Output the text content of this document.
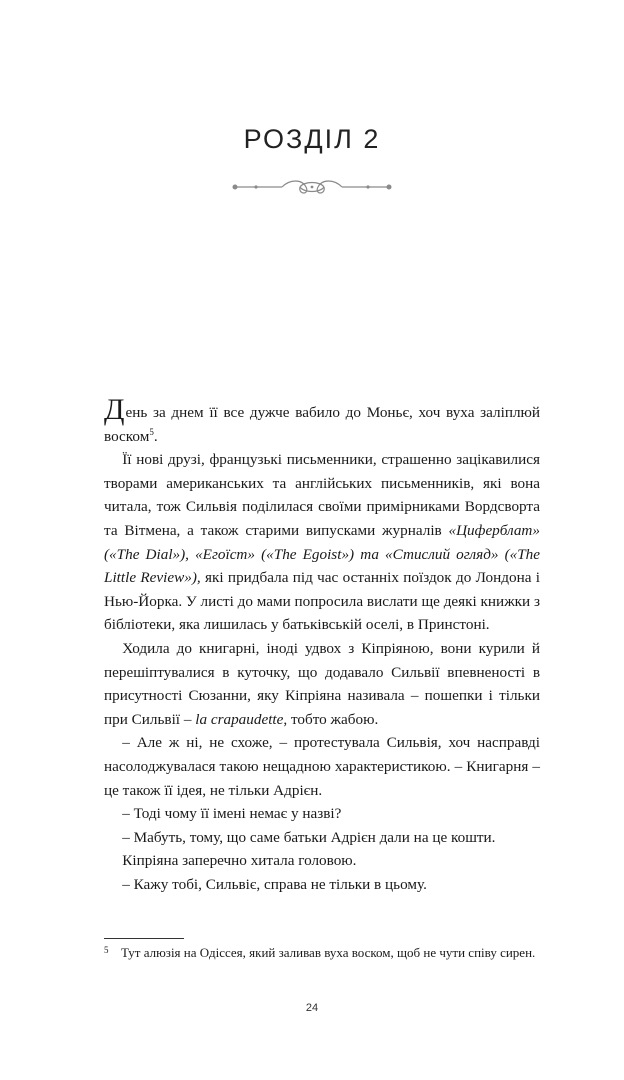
РОЗДІЛ 2

День за днем її все дужче вабило до Моньє, хоч вуха заліплюй воском$^5$.

Її нові друзі, французькі письменники, страшенно зацікавилися творами американських та англійських письменників, які вона читала, тож Сильвія поділилася своїми примірниками Вордсворта та Вітмена, а також старими випусками журналів «Циферблат» («The Dial»), «Егоїст» («The Egoist») та «Стислий огляд» («The Little Review»), які придбала під час останніх поїздок до Лондона і Нью-Йорка. У листі до мами попросила вислати ще деякі книжки з бібліотеки, яка лишилась у батьківській оселі, в Принстоні.

Ходила до книгарні, іноді удвох з Кіпріяною, вони курили й перешіптувалися в куточку, що додавало Сильвії впевненості в присутності Сюзанни, яку Кіпріяна називала – пошепки і тільки при Сильвії – la crapaudette, тобто жабою.

– Але ж ні, не схоже, – протестувала Сильвія, хоч насправді насолоджувалася такою нещадною характеристикою. – Книгарня – це також її ідея, не тільки Адрієн.

– Тоді чому її імені немає у назві?

– Мабуть, тому, що саме батьки Адрієн дали на це кошти.

Кіпріяна заперечно хитала головою.

– Кажу тобі, Сильвіє, справа не тільки в цьому.

5 Тут алюзія на Одіссея, який заливав вуха воском, щоб не чути співу сирен.
24
